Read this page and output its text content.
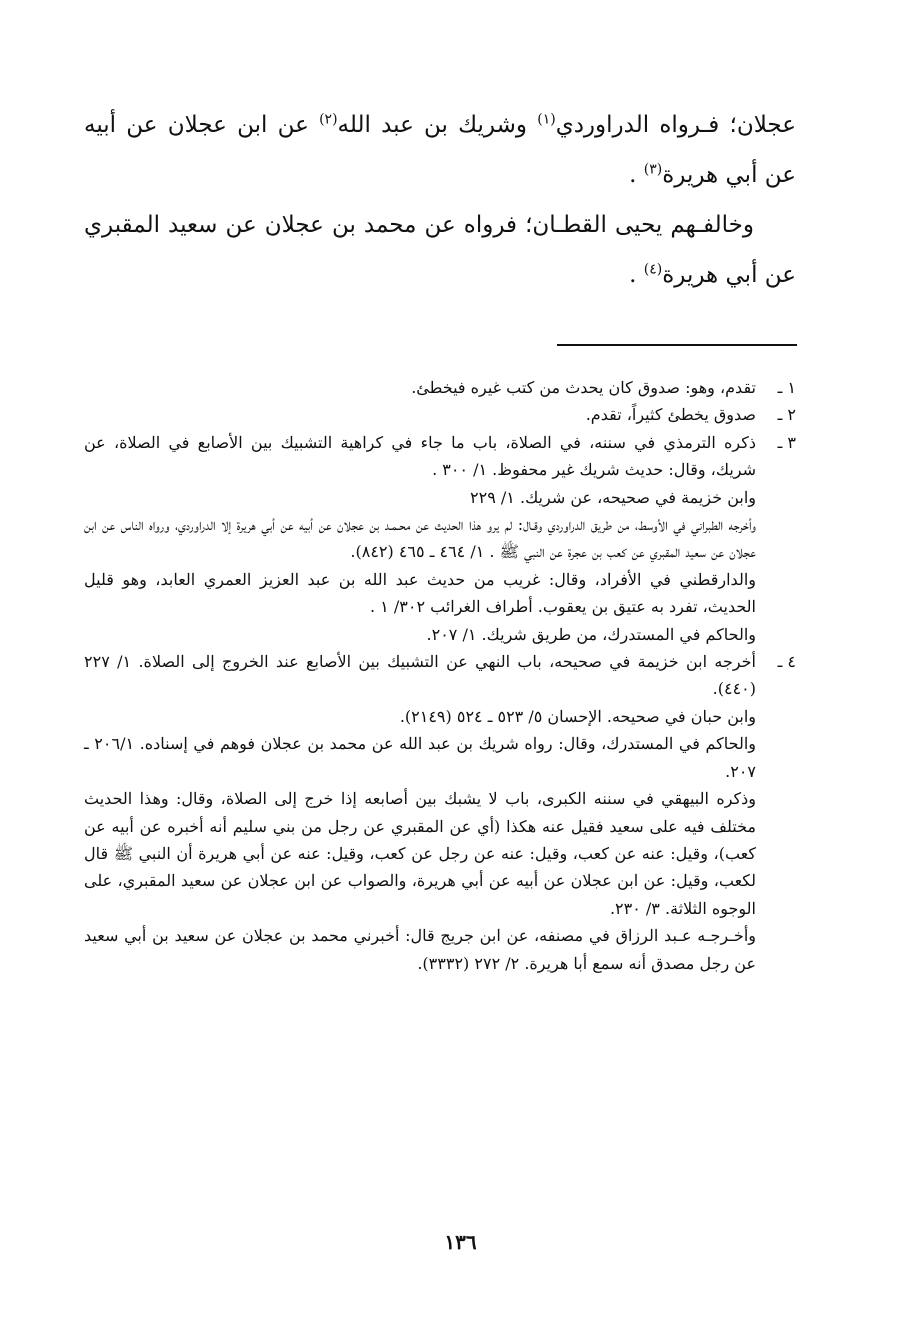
عجلان؛ فـرواه الدراوردي$^{(١)}$ وشريك بن عبد الله$^{(٢)}$ عن ابن عجلان عن أبيه عن أبي هريرة$^{(٣)}$ .

وخالفـهم يحيى القطـان؛ فرواه عن محمد بن عجلان عن سعيد المقبري عن أبي هريرة$^{(٤)}$ .

١ ـ
تقدم، وهو: صدوق كان يحدث من كتب غيره فيخطئ.
٢ ـ
صدوق يخطئ كثيراً، تقدم.
٣ ـ
ذكره الترمذي في سننه، في الصلاة، باب ما جاء في كراهية التشبيك بين الأصابع في الصلاة، عن شريك، وقال: حديث شريك غير محفوظ. ١/ ٣٠٠ .
وابن خزيمة في صحيحه، عن شريك. ١/ ٢٢٩
وأخرجه الطبراني في الأوسط، من طريق الدراوردي وقـال: لم يرو هذا الحديث عن محـمـد بن عجلان عن أبيه عن أبي هريرة إلا الدراوردي، ورواه الناس عن ابن عجلان عن سعيد المقبري عن كعب بن عجرة عن النبي ﷺ . ١/ ٤٦٤ ـ ٤٦٥ (٨٤٢).
والدارقطني في الأفراد، وقال: غريب من حديث عبد الله بن عبد العزيز العمري العابد، وهو قليل الحديث، تفرد به عتيق بن يعقوب. أطراف الغرائب ٣٠٢/ ١ .
والحاكم في المستدرك، من طريق شريك. ١/ ٢٠٧.
٤ ـ
أخرجه ابن خزيمة في صحيحه، باب النهي عن التشبيك بين الأصابع عند الخروج إلى الصلاة. ١/ ٢٢٧ (٤٤٠).
وابن حبان في صحيحه. الإحسان ٥/ ٥٢٣ ـ ٥٢٤ (٢١٤٩).
والحاكم في المستدرك، وقال: رواه شريك بن عبد الله عن محمد بن عجلان فوهم في إسناده. ٢٠٦/١ ـ ٢٠٧.
وذكره البيهقي في سننه الكبرى، باب لا يشبك بين أصابعه إذا خرج إلى الصلاة، وقال: وهذا الحديث مختلف فيه على سعيد فقيل عنه هكذا (أي عن المقبري عن رجل من بني سليم أنه أخبره عن أبيه عن كعب)، وقيل: عنه عن كعب، وقيل: عنه عن رجل عن كعب، وقيل: عنه عن أبي هريرة أن النبي ﷺ قال لكعب، وقيل: عن ابن عجلان عن أبيه عن أبي هريرة، والصواب عن ابن عجلان عن سعيد المقبري، على الوجوه الثلاثة. ٣/ ٢٣٠.
وأخـرجـه عـبد الرزاق في مصنفه، عن ابن جريج قال: أخبرني محمد بن عجلان عن سعيد بن أبي سعيد عن رجل مصدق أنه سمع أبا هريرة. ٢/ ٢٧٢ (٣٣٣٢).
١٣٦
